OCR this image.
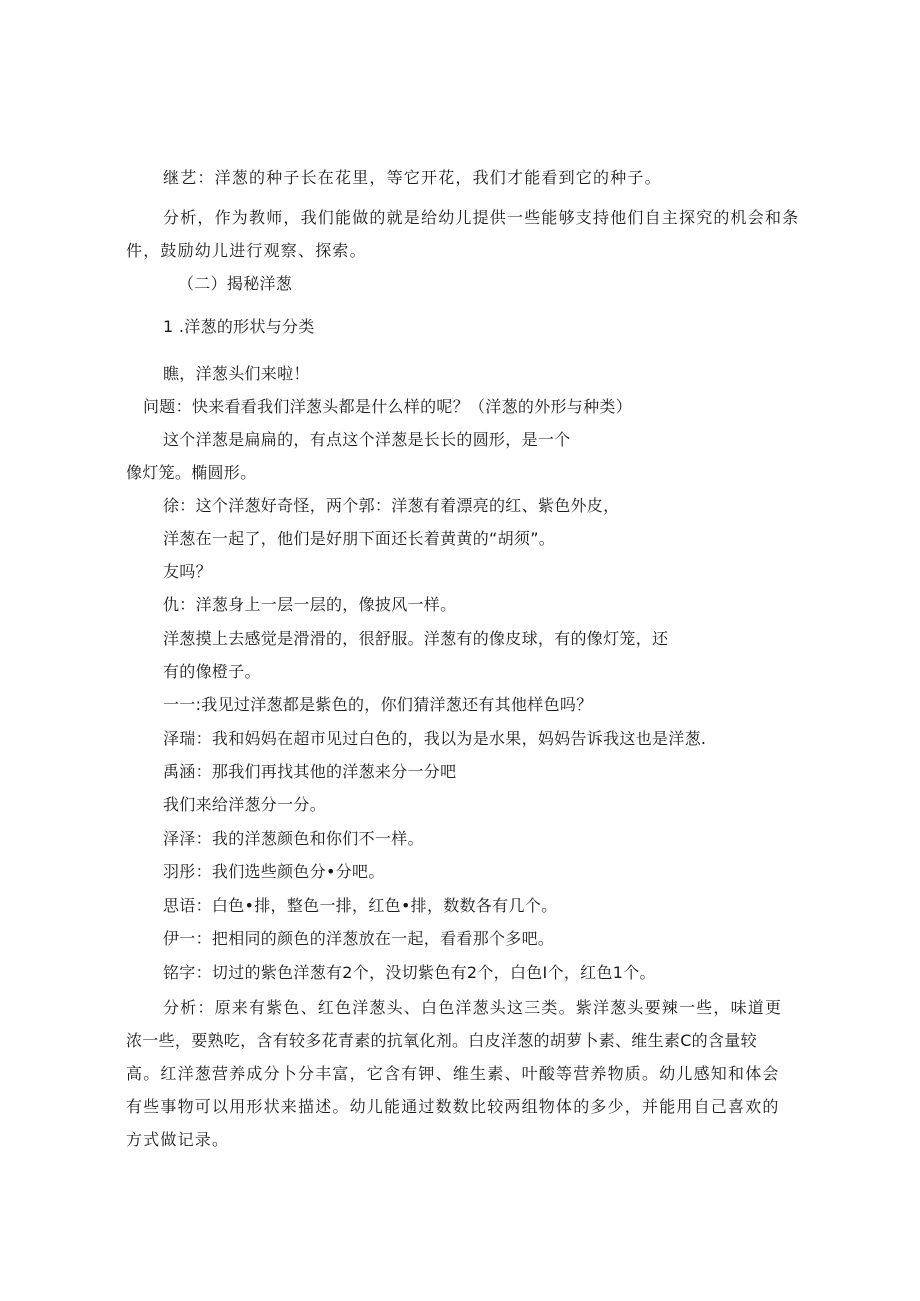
继艺：洋葱的种子长在花里，等它开花，我们才能看到它的种子。
分析，作为教师，我们能做的就是给幼儿提供一些能够支持他们自主探究的机会和条
件，鼓励幼儿进行观察、探索。
（二）揭秘洋葱
1 .洋葱的形状与分类
瞧，洋葱头们来啦！
问题：快来看看我们洋葱头都是什么样的呢？（洋葱的外形与种类）
这个洋葱是扁扁的，有点这个洋葱是长长的圆形，是一个
像灯笼。椭圆形。
徐：这个洋葱好奇怪，两个郭：洋葱有着漂亮的红、紫色外皮，
洋葱在一起了，他们是好朋下面还长着黄黄的“胡须”。
友吗？
仇：洋葱身上一层一层的，像披风一样。
洋葱摸上去感觉是滑滑的，很舒服。洋葱有的像皮球，有的像灯笼，还
有的像橙子。
一一:我见过洋葱都是紫色的，你们猜洋葱还有其他样色吗？
泽瑞：我和妈妈在超市见过白色的，我以为是水果，妈妈告诉我这也是洋葱.
禹涵：那我们再找其他的洋葱来分一分吧
我们来给洋葱分一分。
泽泽：我的洋葱颜色和你们不一样。
羽彤：我们选些颜色分•分吧。
思语：白色•排，整色一排，红色•排，数数各有几个。
伊一：把相同的颜色的洋葱放在一起，看看那个多吧。
铭字：切过的紫色洋葱有2个，没切紫色有2个，白色I个，红色1个。
分析：原来有紫色、红色洋葱头、白色洋葱头这三类。紫洋葱头要辣一些，味道更
浓一些，要熟吃，含有较多花青素的抗氧化剂。白皮洋葱的胡萝卜素、维生素C的含量较
高。红洋葱营养成分卜分丰富，它含有钾、维生素、叶酸等营养物质。幼儿感知和体会
有些事物可以用形状来描述。幼儿能通过数数比较两组物体的多少，并能用自己喜欢的
方式做记录。
